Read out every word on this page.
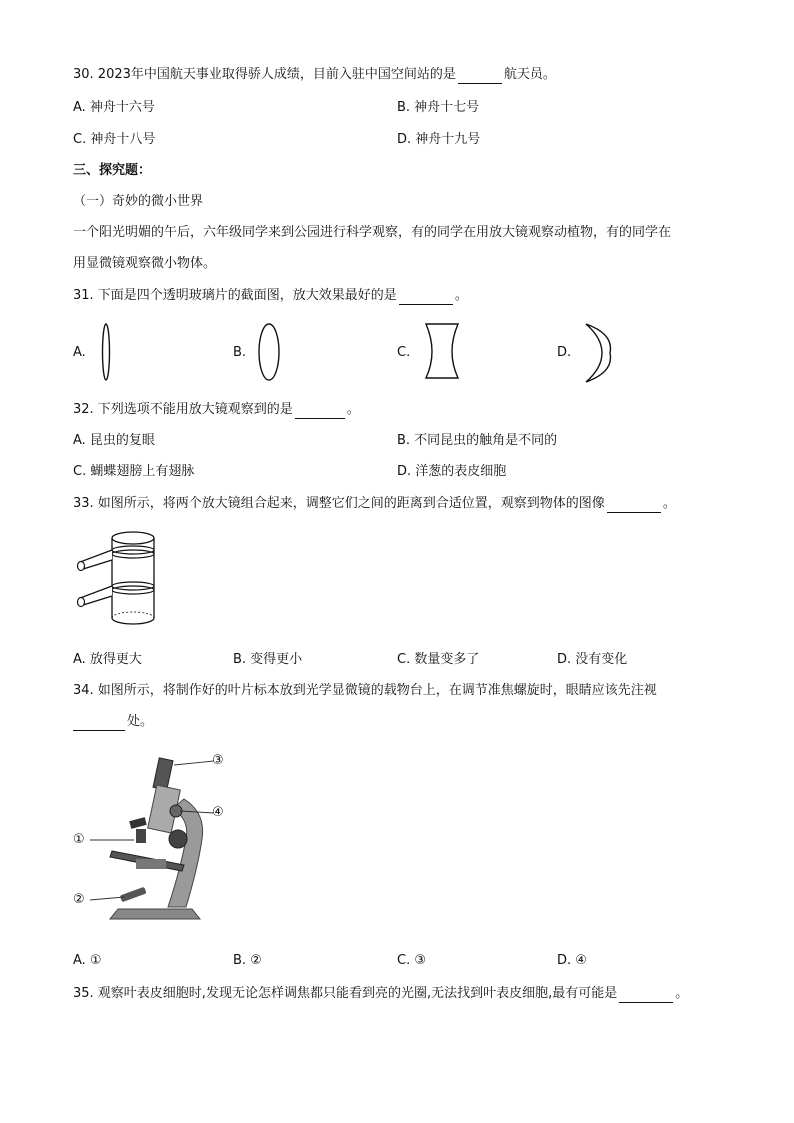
30. 2023年中国航天事业取得骄人成绩，目前入驻中国空间站的是	航天员。
A. 神舟十六号	B. 神舟十七号
C. 神舟十八号	D. 神舟十九号
三、探究题：
（一）奇妙的微小世界
一个阳光明媚的午后，六年级同学来到公园进行科学观察，有的同学在用放大镜观察动植物，有的同学在
用显微镜观察微小物体。
31. 下面是四个透明玻璃片的截面图，放大效果最好的是	。
A.	B.	C.	D.
32. 下列选项不能用放大镜观察到的是	。
A. 昆虫的复眼	B. 不同昆虫的触角是不同的
C. 蝴蝶翅膀上有翅脉	D. 洋葱的表皮细胞
33. 如图所示，将两个放大镜组合起来，调整它们之间的距离到合适位置，观察到物体的图像	。
A. 放得更大	B. 变得更小	C. 数量变多了	D. 没有变化
34. 如图所示，将制作好的叶片标本放到光学显微镜的载物台上，在调节准焦螺旋时，眼睛应该先注视
处。
③
④
①
②
A. ①	B. ②	C. ③	D. ④
35. 观察叶表皮细胞时,发现无论怎样调焦都只能看到亮的光圈,无法找到叶表皮细胞,最有可能是	。
